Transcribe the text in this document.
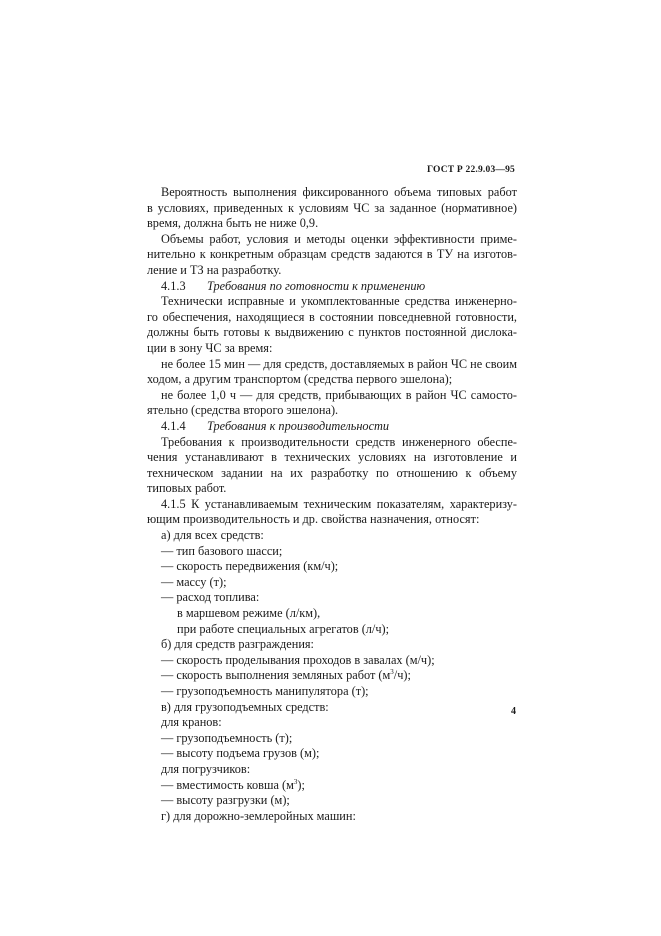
ГОСТ Р 22.9.03—95
Вероятность выполнения фиксированного объема типовых работ
в условиях, приведенных к условиям ЧС за заданное (нормативное)
время, должна быть не ниже 0,9.
Объемы работ, условия и методы оценки эффективности приме-
нительно к конкретным образцам средств задаются в ТУ на изготов-
ление и ТЗ на разработку.
4.1.3 Требования по готовности к применению
Технически исправные и укомплектованные средства инженерно-
го обеспечения, находящиеся в состоянии повседневной готовности,
должны быть готовы к выдвижению с пунктов постоянной дислока-
ции в зону ЧС за время:
не более 15 мин — для средств, доставляемых в район ЧС не своим
ходом, а другим транспортом (средства первого эшелона);
не более 1,0 ч — для средств, прибывающих в район ЧС самосто-
ятельно (средства второго эшелона).
4.1.4 Требования к производительности
Требования к производительности средств инженерного обеспе-
чения устанавливают в технических условиях на изготовление и
техническом задании на их разработку по отношению к объему
типовых работ.
4.1.5 К устанавливаемым техническим показателям, характеризу-
ющим производительность и др. свойства назначения, относят:
а) для всех средств:
— тип базового шасси;
— скорость передвижения (км/ч);
— массу (т);
— расход топлива:
в маршевом режиме (л/км),
при работе специальных агрегатов (л/ч);
б) для средств разграждения:
— скорость проделывания проходов в завалах (м/ч);
— скорость выполнения земляных работ $(м^3/ч)$;
— грузоподъемность манипулятора (т);
в) для грузоподъемных средств:
для кранов:
— грузоподъемность (т);
— высоту подъема грузов (м);
для погрузчиков:
— вместимость ковша $(м^3)$;
— высоту разгрузки (м);
г) для дорожно-землеройных машин:
4
